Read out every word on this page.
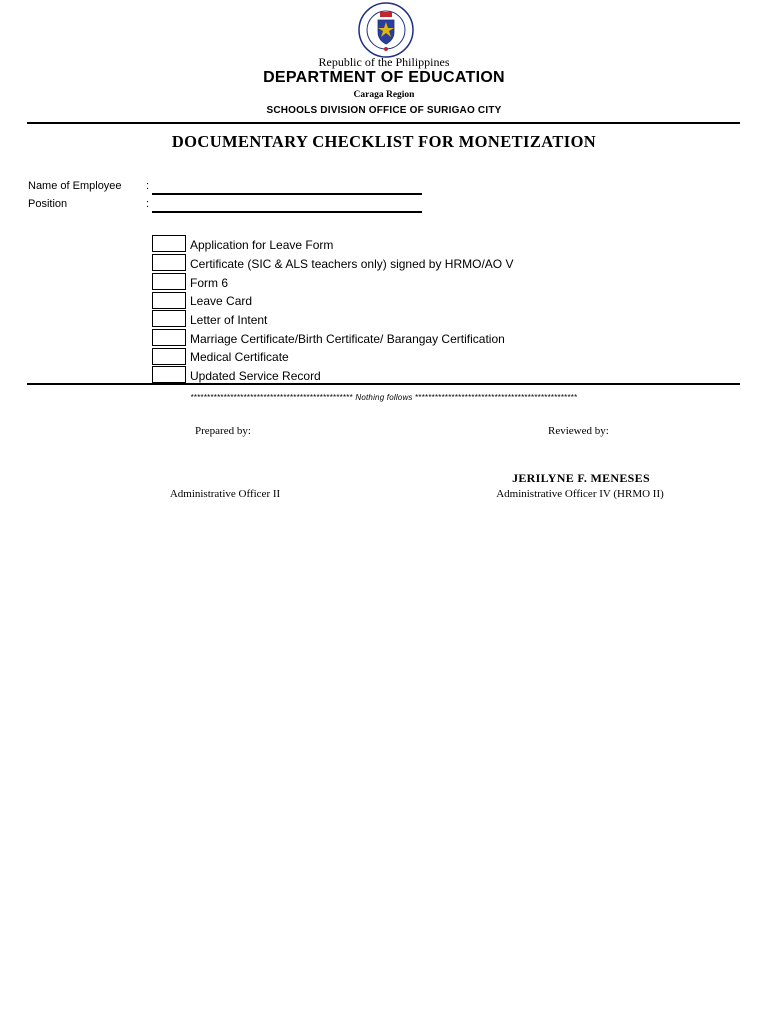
Republic of the Philippines
DEPARTMENT OF EDUCATION
Caraga Region
SCHOOLS DIVISION OFFICE OF SURIGAO CITY
DOCUMENTARY CHECKLIST FOR MONETIZATION
Name of Employee :
Position	:
Application for Leave Form
Certificate (SIC & ALS teachers only) signed by HRMO/AO V
Form 6
Leave Card
Letter of Intent
Marriage Certificate/Birth Certificate/ Barangay Certification
Medical Certificate
Updated Service Record
************************************************* Nothing follows *************************************************
Prepared by:	Reviewed by:
JERILYNE F. MENESES
Administrative Officer II	Administrative Officer IV (HRMO II)
